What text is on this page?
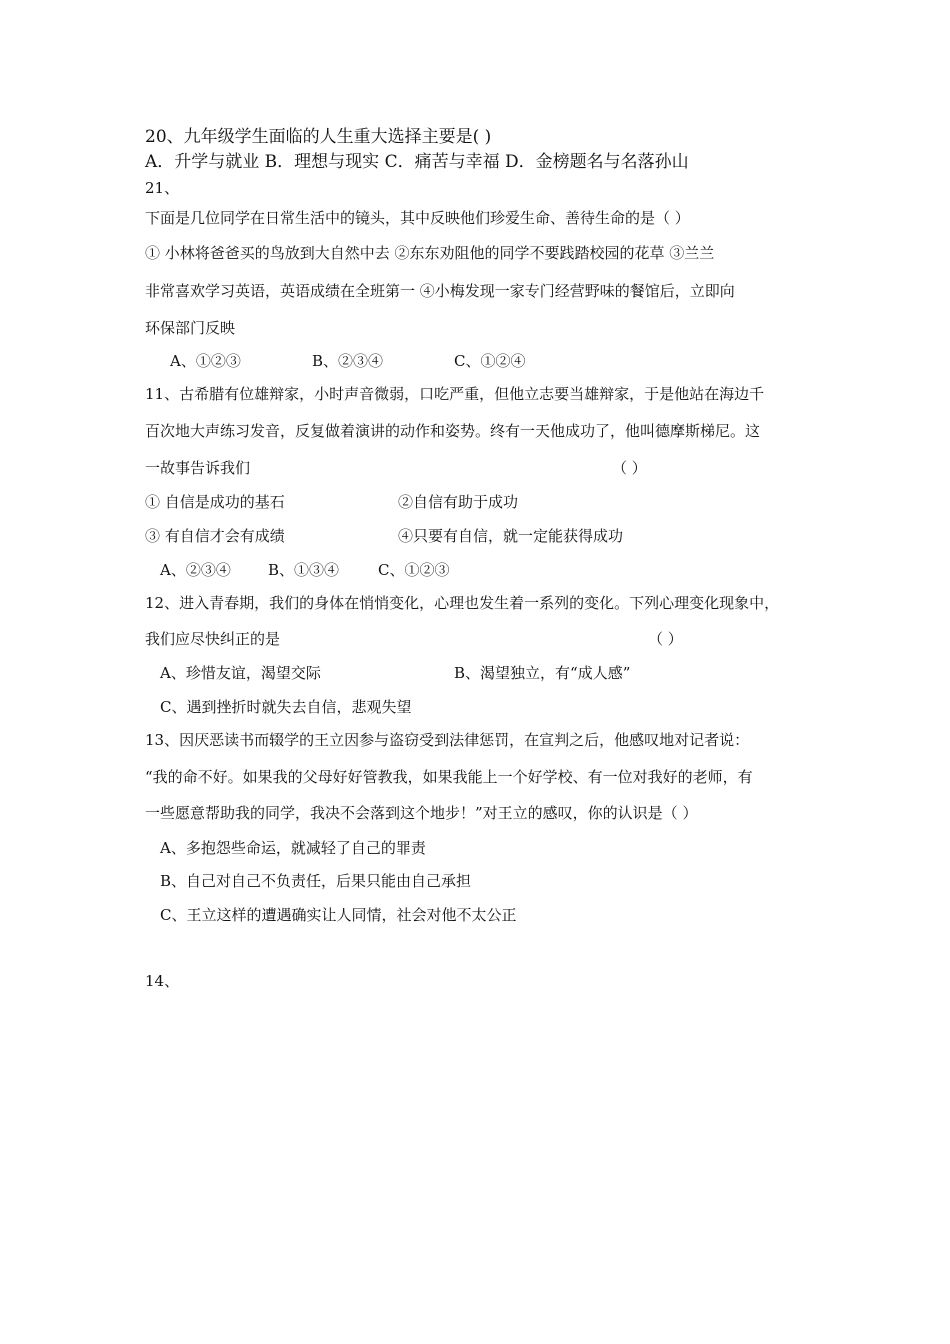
20、九年级学生面临的人生重大选择主要是( )
A．升学与就业 B．理想与现实 C．痛苦与幸福 D．金榜题名与名落孙山
21、
下面是几位同学在日常生活中的镜头，其中反映他们珍爱生命、善待生命的是（ ）
① 小林将爸爸买的鸟放到大自然中去 ②东东劝阻他的同学不要践踏校园的花草 ③兰兰
非常喜欢学习英语，英语成绩在全班第一 ④小梅发现一家专门经营野味的餐馆后，立即向
环保部门反映
A、①②③	B、②③④	C、①②④
11、古希腊有位雄辩家，小时声音微弱，口吃严重，但他立志要当雄辩家，于是他站在海边千
百次地大声练习发音，反复做着演讲的动作和姿势。终有一天他成功了，他叫德摩斯梯尼。这
一故事告诉我们	（ ）
① 自信是成功的基石	②自信有助于成功
③ 有自信才会有成绩	④只要有自信，就一定能获得成功
A、②③④ B、①③④	C、①②③
12、进入青春期，我们的身体在悄悄变化，心理也发生着一系列的变化。下列心理变化现象中，
我们应尽快纠正的是	（ ）
A、珍惜友谊，渴望交际	B、渴望独立，有“成人感”
C、遇到挫折时就失去自信，悲观失望
13、因厌恶读书而辍学的王立因参与盗窃受到法律惩罚，在宣判之后，他感叹地对记者说：
“我的命不好。如果我的父母好好管教我，如果我能上一个好学校、有一位对我好的老师，有
一些愿意帮助我的同学，我决不会落到这个地步！”对王立的感叹，你的认识是（ ）
A、多抱怨些命运，就减轻了自己的罪责
B、自己对自己不负责任，后果只能由自己承担
C、王立这样的遭遇确实让人同情，社会对他不太公正
14、
